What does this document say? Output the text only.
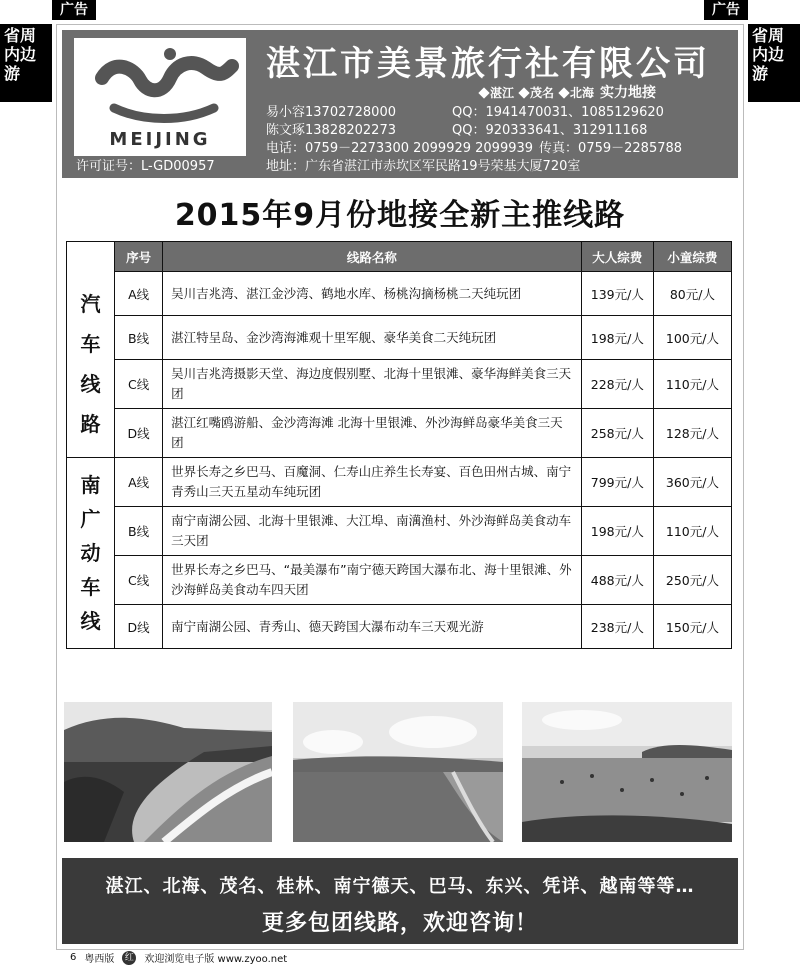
广告	广告
省周
内边
游
省周
内边
游
MEIJING
许可证号：L-GD00957
湛江市美景旅行社有限公司
湛江	茂名	北海 实力地接
易小容13702728000	QQ：1941470031、1085129620
陈文琢13828202273	QQ：920333641、312911168
电话：0759－2273300 2099929 2099939 传真：0759－2285788
地址：广东省湛江市赤坎区军民路19号荣基大厦720室
2015年9月份地接全新主推线路
	序号	线路名称	大人综费	小童综费

汽
车
线
路	A线	吴川吉兆湾、湛江金沙湾、鹤地水库、杨桃沟摘杨桃二天纯玩团	139元/人	80元/人
	B线	湛江特呈岛、金沙湾海滩观十里军舰、豪华美食二天纯玩团	198元/人	100元/人
	C线	吴川吉兆湾摄影天堂、海边度假别墅、北海十里银滩、豪华海鲜美食三天团	228元/人	110元/人
	D线	湛江红嘴鸥游船、金沙湾海滩 北海十里银滩、外沙海鲜岛豪华美食三天团	258元/人	128元/人

南
广
动
车
线	A线	世界长寿之乡巴马、百魔洞、仁寿山庄养生长寿宴、百色田州古城、南宁青秀山三天五星动车纯玩团	799元/人	360元/人
	B线	南宁南湖公园、北海十里银滩、大江埠、南澫渔村、外沙海鲜岛美食动车三天团	198元/人	110元/人
	C线	世界长寿之乡巴马、“最美瀑布”南宁德天跨国大瀑布北、海十里银滩、外沙海鲜岛美食动车四天团	488元/人	250元/人
	D线	南宁南湖公园、青秀山、德天跨国大瀑布动车三天观光游	238元/人	150元/人
湛江、北海、茂名、桂林、南宁德天、巴马、东兴、凭详、越南等等…
更多包团线路，欢迎咨询！
6 粤西版 红 欢迎浏览电子版 www.zyoo.net
